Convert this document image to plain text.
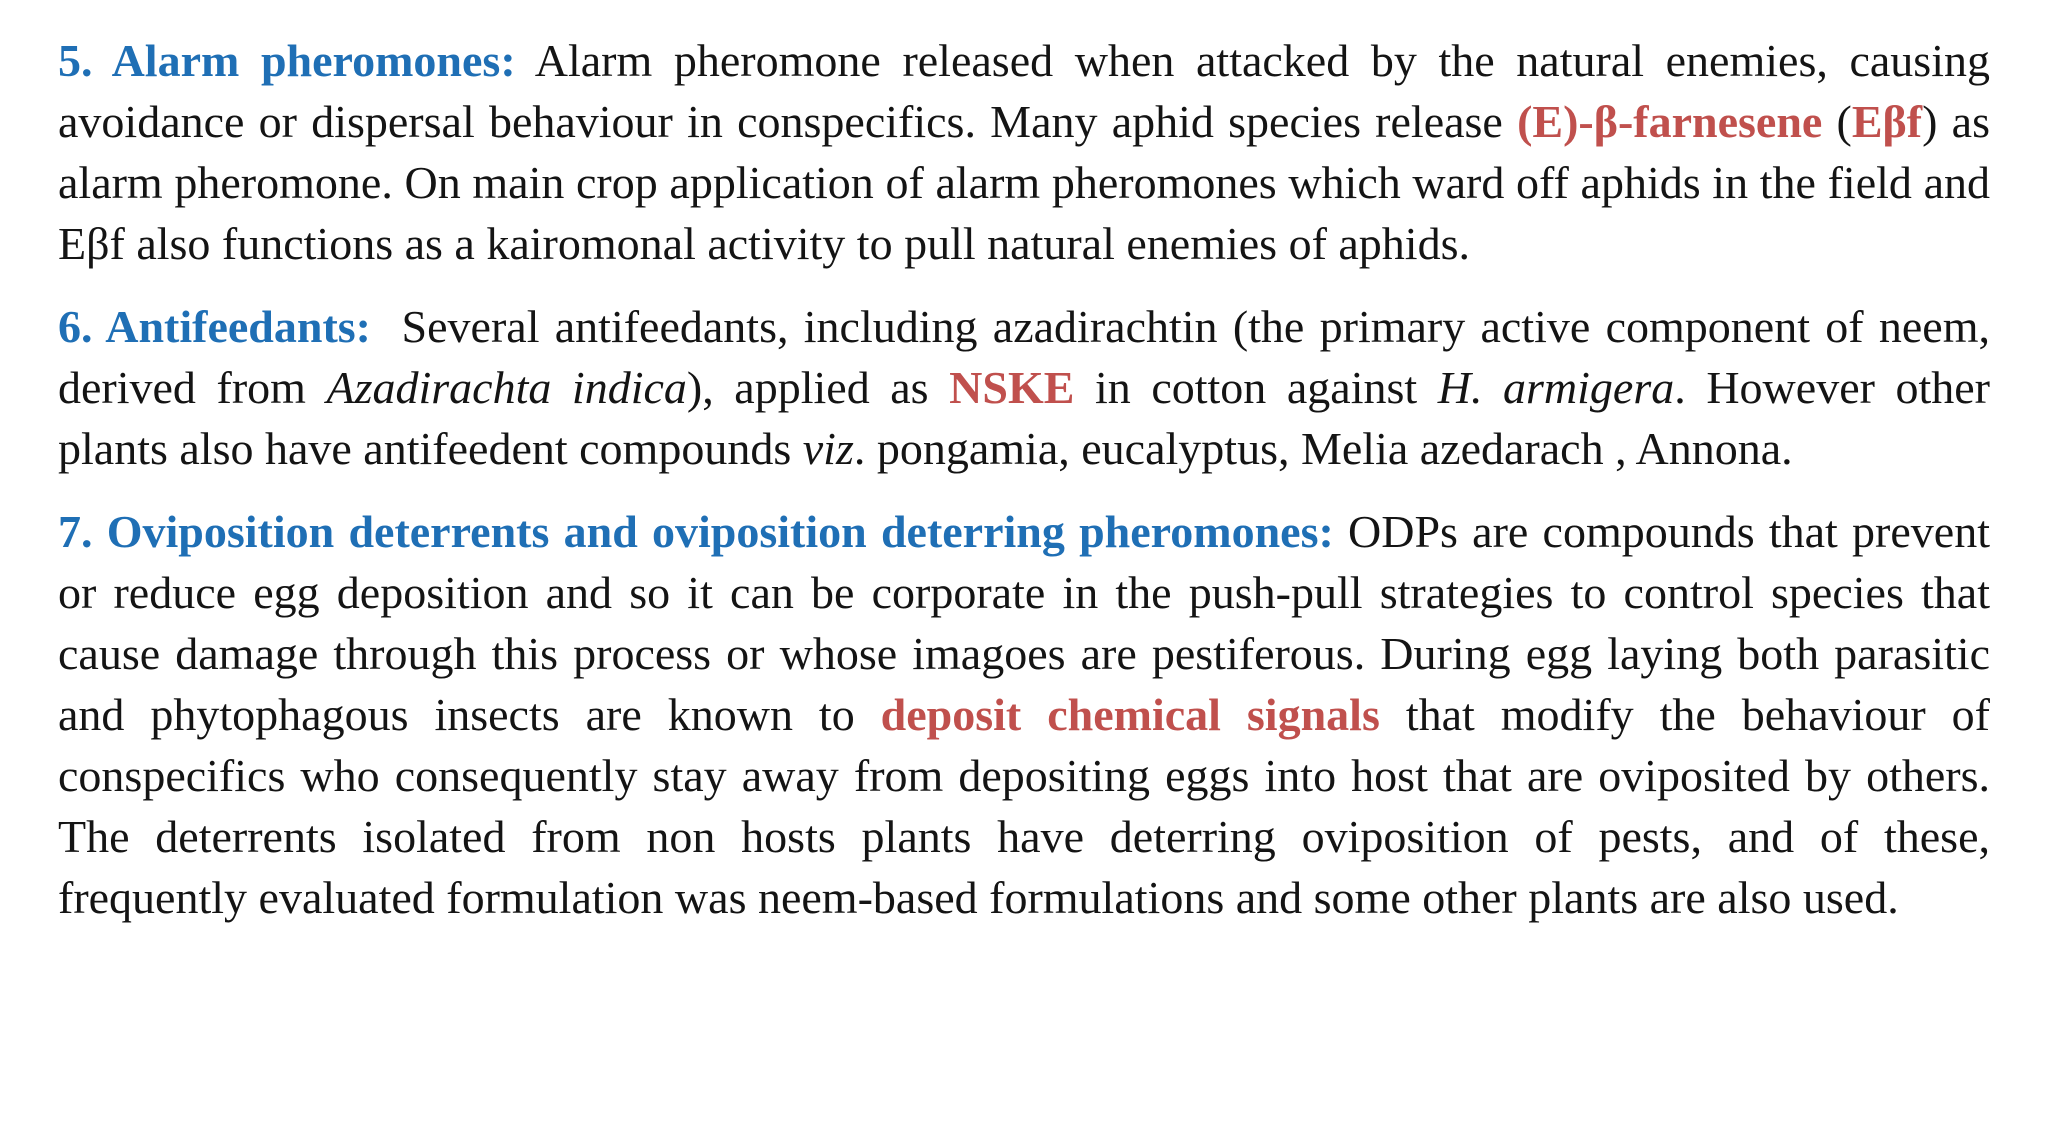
5. Alarm pheromones: Alarm pheromone released when attacked by the natural enemies, causing avoidance or dispersal behaviour in conspecifics. Many aphid species release (E)-β-farnesene (Eβf) as alarm pheromone. On main crop application of alarm pheromones which ward off aphids in the field and Eβf also functions as a kairomonal activity to pull natural enemies of aphids.

6. Antifeedants:  Several antifeedants, including azadirachtin (the primary active component of neem, derived from Azadirachta indica), applied as NSKE in cotton against H. armigera. However other plants also have antifeedent compounds viz. pongamia, eucalyptus, Melia azedarach , Annona.

7. Oviposition deterrents and oviposition deterring pheromones: ODPs are compounds that prevent or reduce egg deposition and so it can be corporate in the push-pull strategies to control species that cause damage through this process or whose imagoes are pestiferous. During egg laying both parasitic and phytophagous insects are known to deposit chemical signals that modify the behaviour of conspecifics who consequently stay away from depositing eggs into host that are oviposited by others. The deterrents isolated from non hosts plants have deterring oviposition of pests, and of these, frequently evaluated formulation was neem-based formulations and some other plants are also used.
